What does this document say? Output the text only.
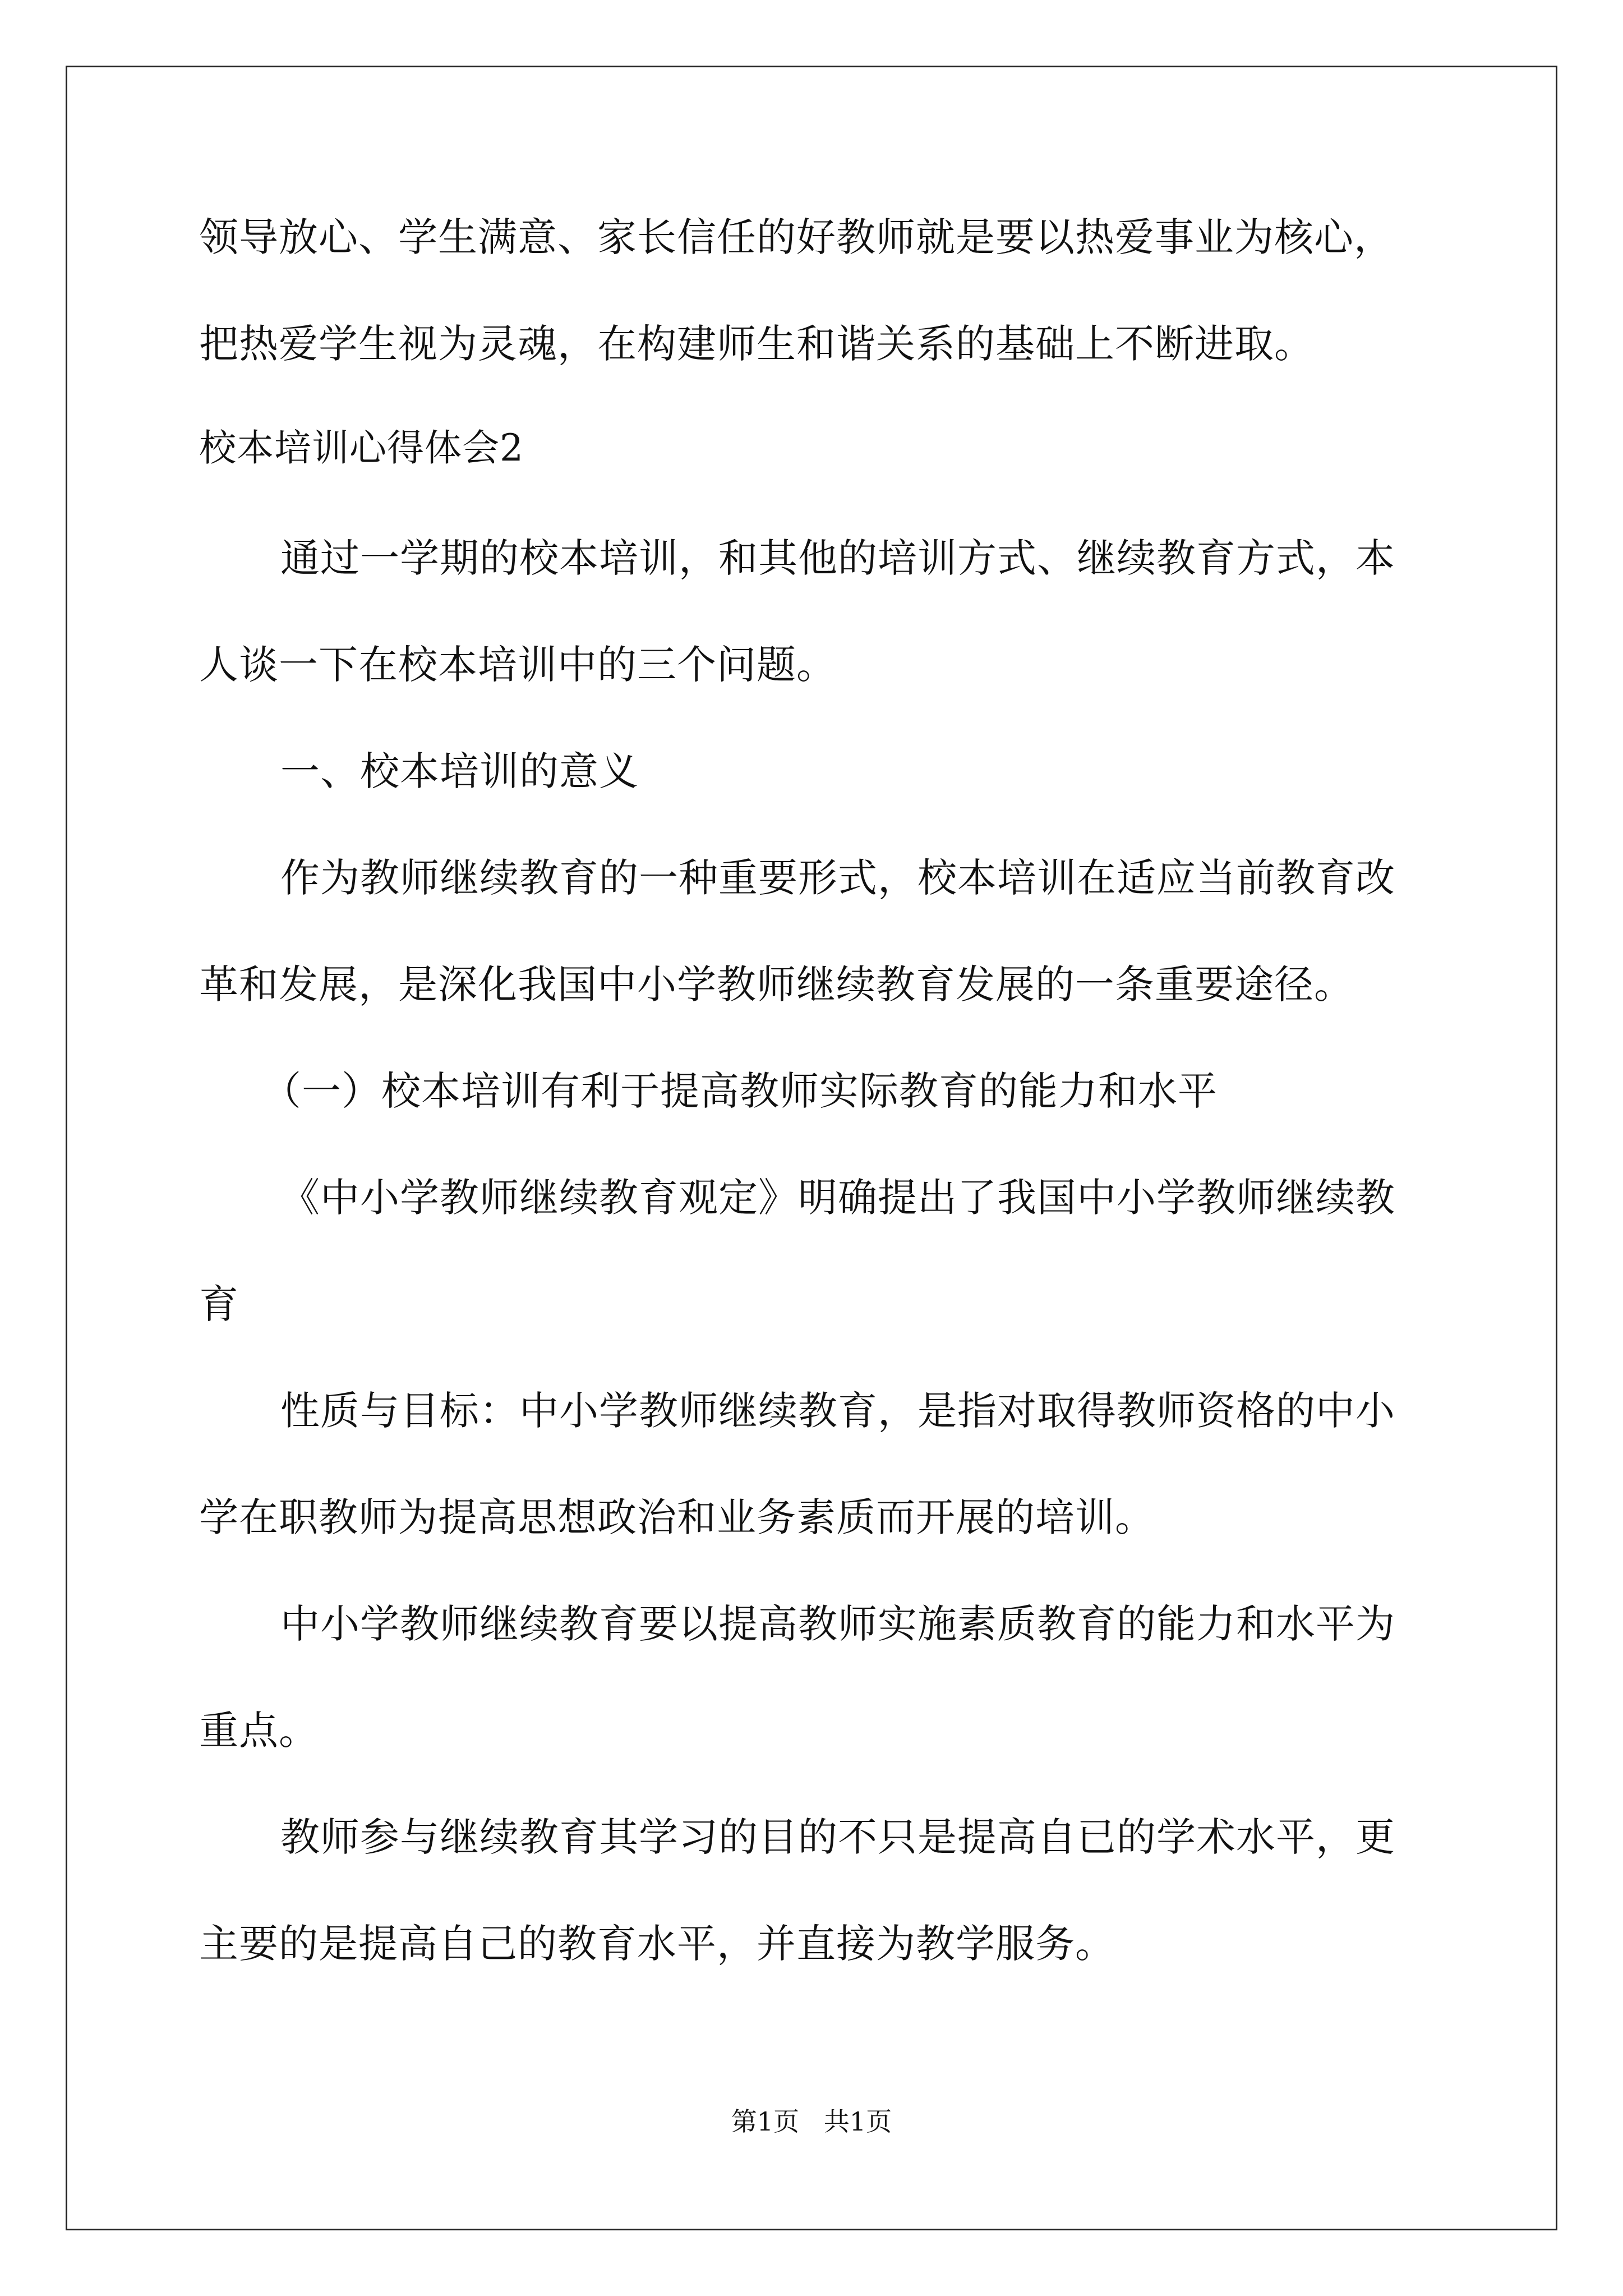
领导放心、学生满意、家长信任的好教师就是要以热爱事业为核心，
把热爱学生视为灵魂，在构建师生和谐关系的基础上不断进取。
校本培训心得体会2
通过一学期的校本培训，和其他的培训方式、继续教育方式，本
人谈一下在校本培训中的三个问题。
一、校本培训的意义
作为教师继续教育的一种重要形式，校本培训在适应当前教育改
革和发展，是深化我国中小学教师继续教育发展的一条重要途径。
（一）校本培训有利于提高教师实际教育的能力和水平
《中小学教师继续教育观定》明确提出了我国中小学教师继续教
育
性质与目标：中小学教师继续教育，是指对取得教师资格的中小
学在职教师为提高思想政治和业务素质而开展的培训。
中小学教师继续教育要以提高教师实施素质教育的能力和水平为
重点。
教师参与继续教育其学习的目的不只是提高自已的学术水平，更
主要的是提高自己的教育水平，并直接为教学服务。
第1页   共1页
